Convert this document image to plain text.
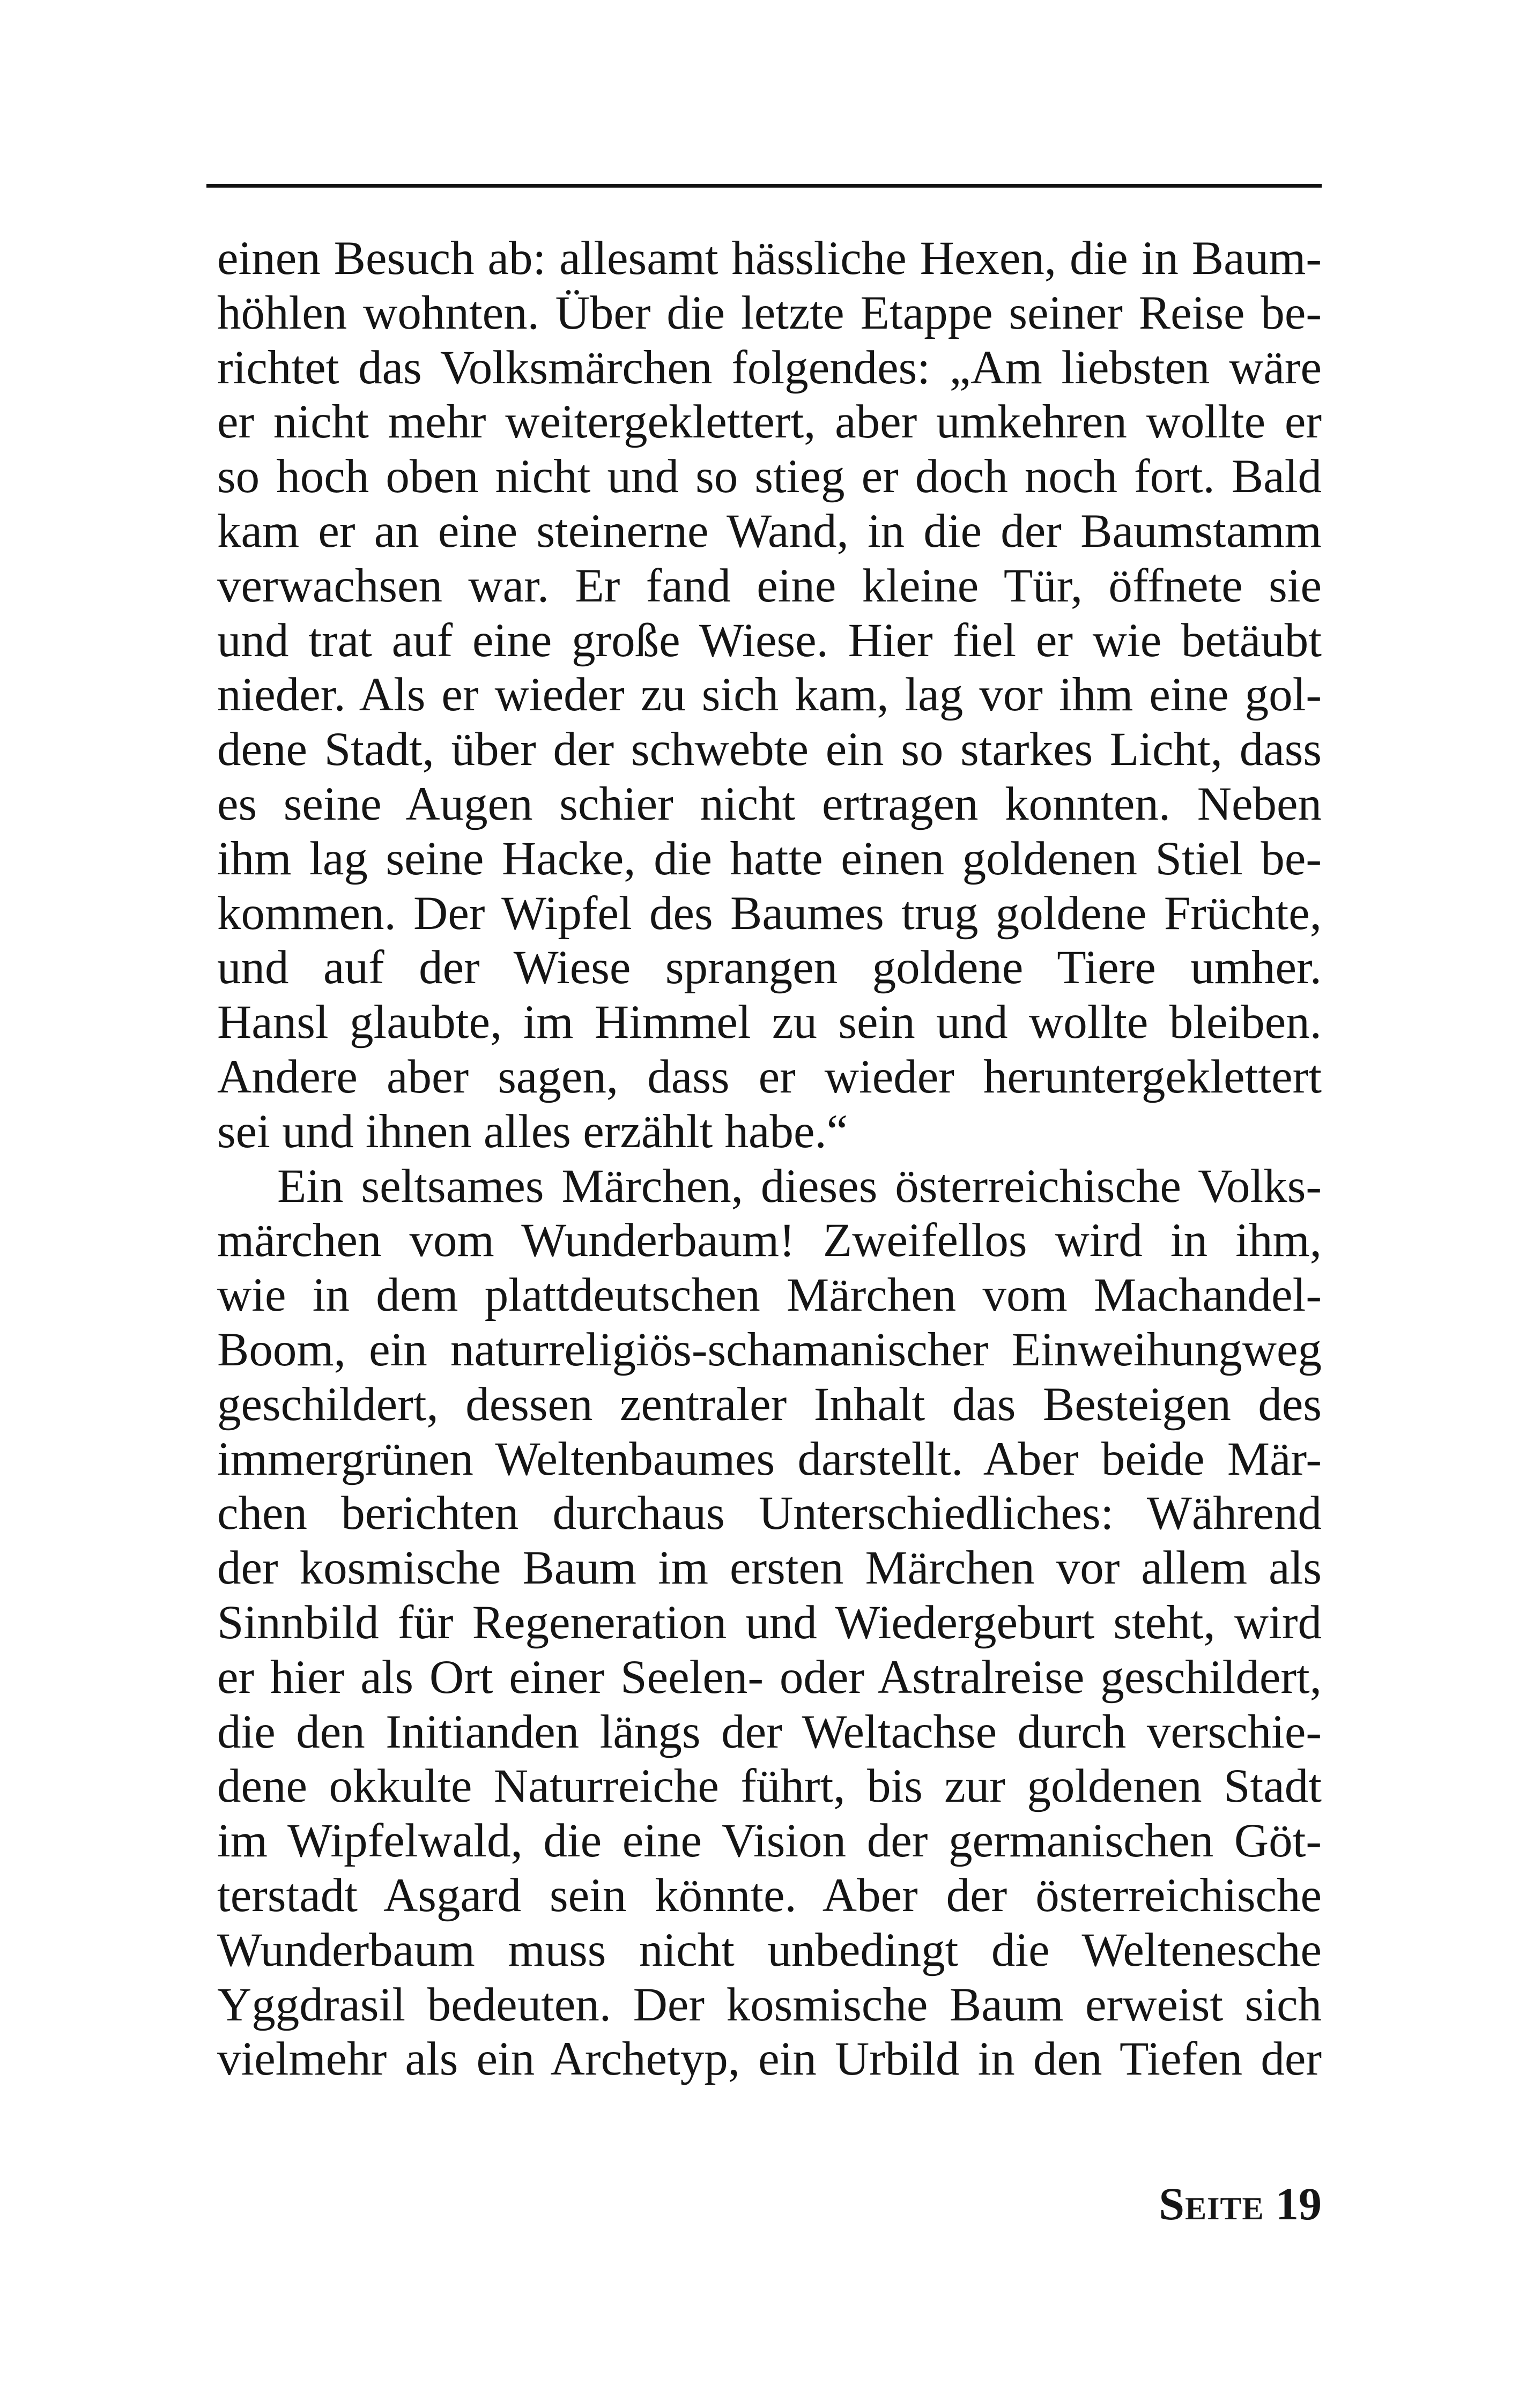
einen Besuch ab: allesamt hässliche Hexen, die in Baum-
höhlen wohnten. Über die letzte Etappe seiner Reise be-
richtet das Volksmärchen folgendes: „Am liebsten wäre
er nicht mehr weitergeklettert, aber umkehren wollte er
so hoch oben nicht und so stieg er doch noch fort. Bald
kam er an eine steinerne Wand, in die der Baumstamm
verwachsen war. Er fand eine kleine Tür, öffnete sie
und trat auf eine große Wiese. Hier fiel er wie betäubt
nieder. Als er wieder zu sich kam, lag vor ihm eine gol-
dene Stadt, über der schwebte ein so starkes Licht, dass
es seine Augen schier nicht ertragen konnten. Neben
ihm lag seine Hacke, die hatte einen goldenen Stiel be-
kommen. Der Wipfel des Baumes trug goldene Früchte,
und auf der Wiese sprangen goldene Tiere umher.
Hansl glaubte, im Himmel zu sein und wollte bleiben.
Andere aber sagen, dass er wieder heruntergeklettert
sei und ihnen alles erzählt habe.“
Ein seltsames Märchen, dieses österreichische Volks-
märchen vom Wunderbaum! Zweifellos wird in ihm,
wie in dem plattdeutschen Märchen vom Machandel-
Boom, ein naturreligiös-schamanischer Einweihungweg
geschildert, dessen zentraler Inhalt das Besteigen des
immergrünen Weltenbaumes darstellt. Aber beide Mär-
chen berichten durchaus Unterschiedliches: Während
der kosmische Baum im ersten Märchen vor allem als
Sinnbild für Regeneration und Wiedergeburt steht, wird
er hier als Ort einer Seelen- oder Astralreise geschildert,
die den Initianden längs der Weltachse durch verschie-
dene okkulte Naturreiche führt, bis zur goldenen Stadt
im Wipfelwald, die eine Vision der germanischen Göt-
terstadt Asgard sein könnte. Aber der österreichische
Wunderbaum muss nicht unbedingt die Weltenesche
Yggdrasil bedeuten. Der kosmische Baum erweist sich
vielmehr als ein Archetyp, ein Urbild in den Tiefen der
Seite 19
